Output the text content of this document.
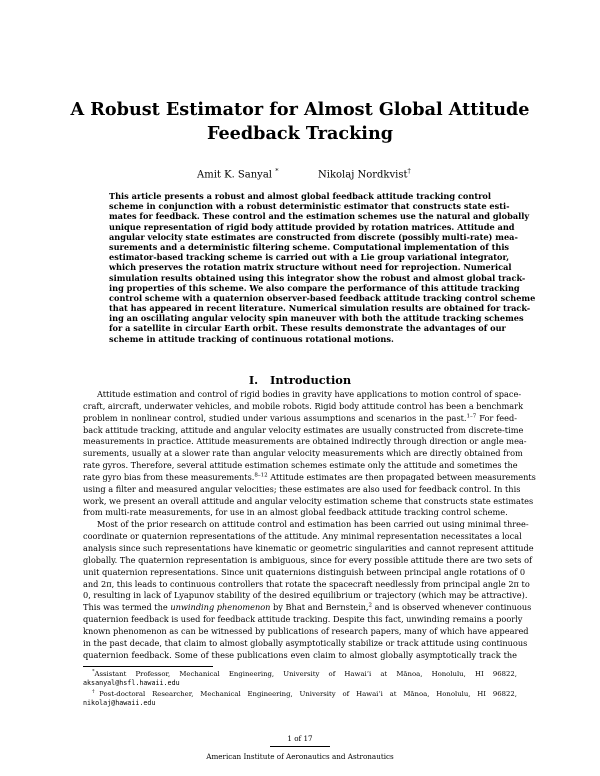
A Robust Estimator for Almost Global Attitude
Feedback Tracking
Amit K. Sanyal *	Nikolaj Nordkvist†
This article presents a robust and almost global feedback attitude tracking control
scheme in conjunction with a robust deterministic estimator that constructs state esti-
mates for feedback. These control and the estimation schemes use the natural and globally
unique representation of rigid body attitude provided by rotation matrices. Attitude and
angular velocity state estimates are constructed from discrete (possibly multi-rate) mea-
surements and a deterministic filtering scheme. Computational implementation of this
estimator-based tracking scheme is carried out with a Lie group variational integrator,
which preserves the rotation matrix structure without need for reprojection. Numerical
simulation results obtained using this integrator show the robust and almost global track-
ing properties of this scheme. We also compare the performance of this attitude tracking
control scheme with a quaternion observer-based feedback attitude tracking control scheme
that has appeared in recent literature. Numerical simulation results are obtained for track-
ing an oscillating angular velocity spin maneuver with both the attitude tracking schemes
for a satellite in circular Earth orbit. These results demonstrate the advantages of our
scheme in attitude tracking of continuous rotational motions.
I. Introduction
Attitude estimation and control of rigid bodies in gravity have applications to motion control of space-
craft, aircraft, underwater vehicles, and mobile robots. Rigid body attitude control has been a benchmark
problem in nonlinear control, studied under various assumptions and scenarios in the past.$^{1-7}$ For feed-
back attitude tracking, attitude and angular velocity estimates are usually constructed from discrete-time
measurements in practice. Attitude measurements are obtained indirectly through direction or angle mea-
surements, usually at a slower rate than angular velocity measurements which are directly obtained from
rate gyros. Therefore, several attitude estimation schemes estimate only the attitude and sometimes the
rate gyro bias from these measurements.$^{8-12}$ Attitude estimates are then propagated between measurements
using a filter and measured angular velocities; these estimates are also used for feedback control. In this
work, we present an overall attitude and angular velocity estimation scheme that constructs state estimates
from multi-rate measurements, for use in an almost global feedback attitude tracking control scheme.
Most of the prior research on attitude control and estimation has been carried out using minimal three-
coordinate or quaternion representations of the attitude. Any minimal representation necessitates a local
analysis since such representations have kinematic or geometric singularities and cannot represent attitude
globally. The quaternion representation is ambiguous, since for every possible attitude there are two sets of
unit quaternion representations. Since unit quaternions distinguish between principal angle rotations of 0
and 2π, this leads to continuous controllers that rotate the spacecraft needlessly from principal angle 2π to
0, resulting in lack of Lyapunov stability of the desired equilibrium or trajectory (which may be attractive).
This was termed the unwinding phenomenon by Bhat and Bernstein,$^2$ and is observed whenever continuous
quaternion feedback is used for feedback attitude tracking. Despite this fact, unwinding remains a poorly
known phenomenon as can be witnessed by publications of research papers, many of which have appeared
in the past decade, that claim to almost globally asymptotically stabilize or track attitude using continuous
quaternion feedback. Some of these publications even claim to almost globally asymptotically track the
*Assistant Professor, Mechanical Engineering, University of Hawaiʻi at Mānoa, Honolulu, HI 96822,
aksanyal@hsfl.hawaii.edu
†Post-doctoral Researcher, Mechanical Engineering, University of Hawaiʻi at Mānoa, Honolulu, HI 96822,
nikolaj@hawaii.edu
1 of 17
American Institute of Aeronautics and Astronautics
